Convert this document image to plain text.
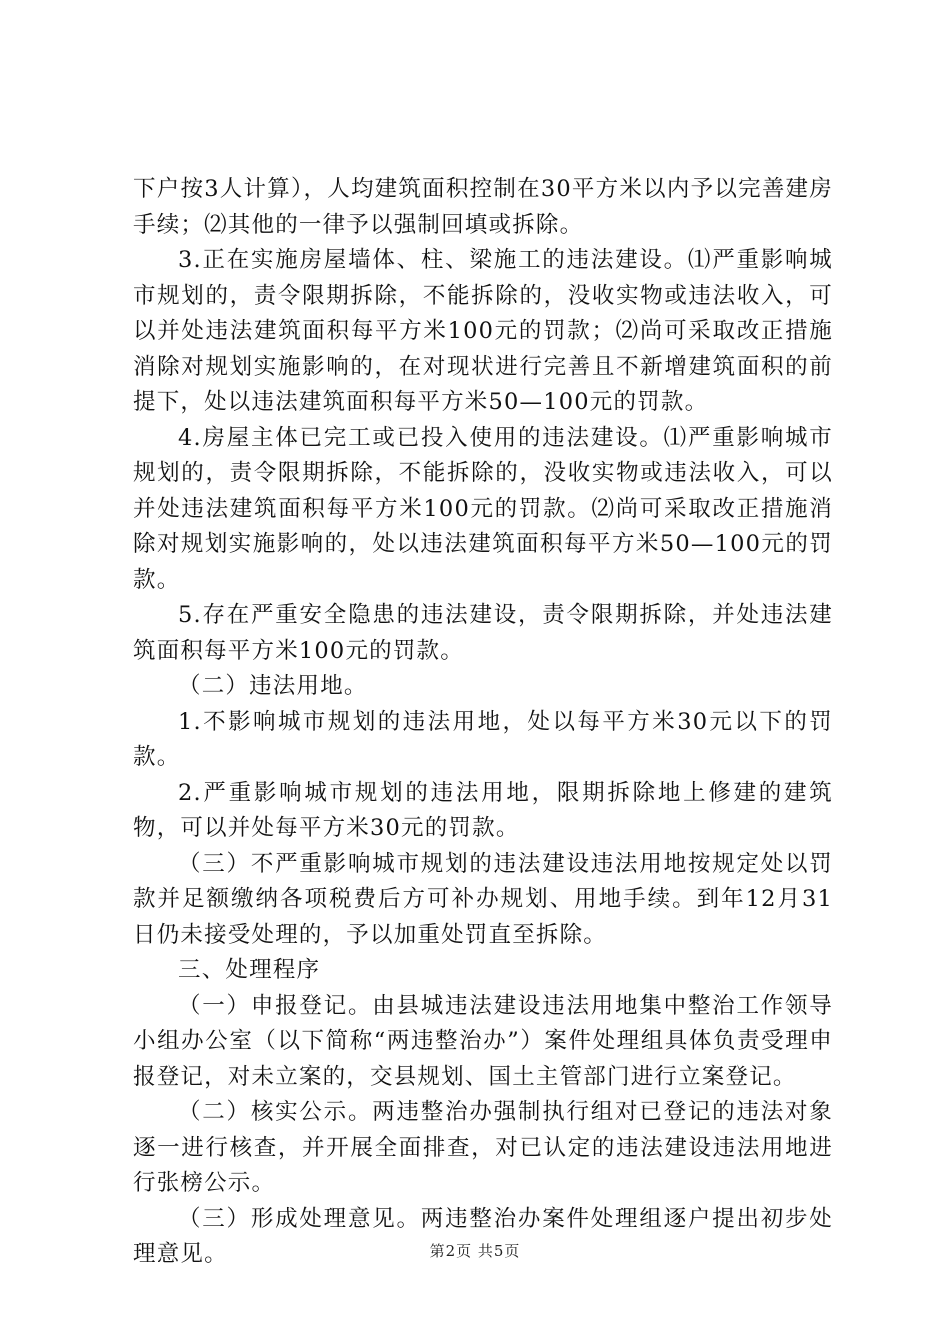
下户按3人计算），人均建筑面积控制在30平方米以内予以完善建房手续；⑵其他的一律予以强制回填或拆除。

3.正在实施房屋墙体、柱、梁施工的违法建设。⑴严重影响城市规划的，责令限期拆除，不能拆除的，没收实物或违法收入，可以并处违法建筑面积每平方米100元的罚款；⑵尚可采取改正措施消除对规划实施影响的，在对现状进行完善且不新增建筑面积的前提下，处以违法建筑面积每平方米50—100元的罚款。

4.房屋主体已完工或已投入使用的违法建设。⑴严重影响城市规划的，责令限期拆除，不能拆除的，没收实物或违法收入，可以并处违法建筑面积每平方米100元的罚款。⑵尚可采取改正措施消除对规划实施影响的，处以违法建筑面积每平方米50—100元的罚款。

5.存在严重安全隐患的违法建设，责令限期拆除，并处违法建筑面积每平方米100元的罚款。

（二）违法用地。

1.不影响城市规划的违法用地，处以每平方米30元以下的罚款。

2.严重影响城市规划的违法用地，限期拆除地上修建的建筑物，可以并处每平方米30元的罚款。

（三）不严重影响城市规划的违法建设违法用地按规定处以罚款并足额缴纳各项税费后方可补办规划、用地手续。到年12月31日仍未接受处理的，予以加重处罚直至拆除。

三、处理程序

（一）申报登记。由县城违法建设违法用地集中整治工作领导小组办公室（以下简称“两违整治办”）案件处理组具体负责受理申报登记，对未立案的，交县规划、国土主管部门进行立案登记。

（二）核实公示。两违整治办强制执行组对已登记的违法对象逐一进行核查，并开展全面排查，对已认定的违法建设违法用地进行张榜公示。

（三）形成处理意见。两违整治办案件处理组逐户提出初步处理意见。	第2页 共5页
